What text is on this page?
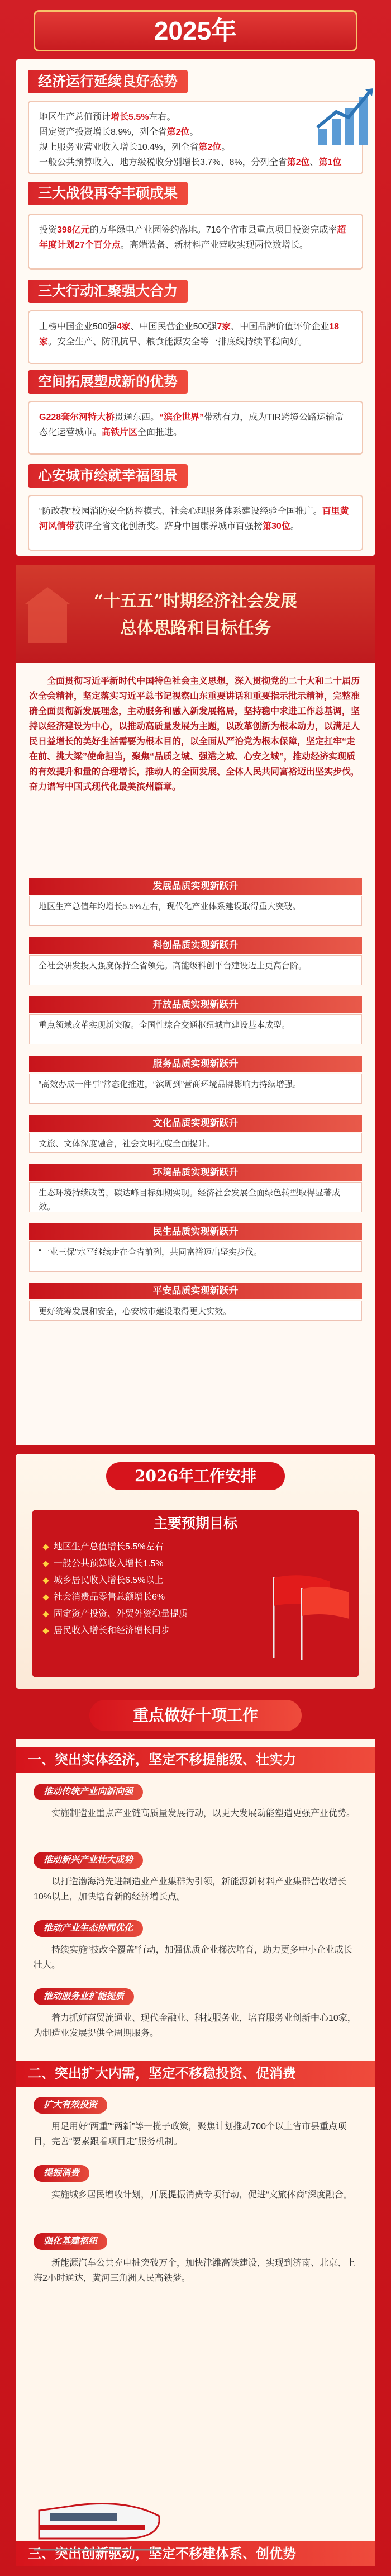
2025年
经济运行延续良好态势
地区生产总值预计增长5.5%左右。
固定资产投资增长8.9%，列全省第2位。
规上服务业营业收入增长10.4%，列全省第2位。
一般公共预算收入、地方级税收分别增长3.7%、8%，分列全省第2位、第1位
三大战役再夺丰硕成果
投资398亿元的万华绿电产业园签约落地。716个省市县重点项目投资完成率超年度计划27个百分点。高端装备、新材料产业营收实现两位数增长。
三大行动汇聚强大合力
上榜中国企业500强4家、中国民营企业500强7家、中国品牌价值评价企业18家。安全生产、防汛抗旱、粮食能源安全等一排底线持续平稳向好。
空间拓展塑成新的优势
G228套尔河特大桥贯通东西。“滨企世界”带动有力，成为TIR跨境公路运输常态化运营城市。高铁片区全面推进。
心安城市绘就幸福图景
“防改教”校园消防安全防控模式、社会心理服务体系建设经验全国推广。百里黄河风情带获评全省文化创新奖。跻身中国康养城市百强榜第30位。
“十五五”时期经济社会发展
总体思路和目标任务
全面贯彻习近平新时代中国特色社会主义思想，深入贯彻党的二十大和二十届历次全会精神，坚定落实习近平总书记视察山东重要讲话和重要指示批示精神，完整准确全面贯彻新发展理念，主动服务和融入新发展格局，坚持稳中求进工作总基调，坚持以经济建设为中心，以推动高质量发展为主题，以改革创新为根本动力，以满足人民日益增长的美好生活需要为根本目的，以全面从严治党为根本保障，坚定扛牢“走在前、挑大梁”使命担当，聚焦“品质之城、强港之城、心安之城”，推动经济实现质的有效提升和量的合理增长，推动人的全面发展、全体人民共同富裕迈出坚实步伐，奋力谱写中国式现代化最美滨州篇章。
发展品质实现新跃升
地区生产总值年均增长5.5%左右，现代化产业体系建设取得重大突破。
科创品质实现新跃升
全社会研发投入强度保持全省领先。高能级科创平台建设迈上更高台阶。
开放品质实现新跃升
重点领域改革实现新突破。全国性综合交通枢纽城市建设基本成型。
服务品质实现新跃升
“高效办成一件事”常态化推进，“滨周到”营商环境品牌影响力持续增强。
文化品质实现新跃升
文旅、文体深度融合，社会文明程度全面提升。
环境品质实现新跃升
生态环境持续改善，碳达峰目标如期实现。经济社会发展全面绿色转型取得显著成效。
民生品质实现新跃升
“一业三保”水平继续走在全省前列，共同富裕迈出坚实步伐。
平安品质实现新跃升
更好统筹发展和安全，心安城市建设取得更大实效。
2026年工作安排
主要预期目标
地区生产总值增长5.5%左右
一般公共预算收入增长1.5%
城乡居民收入增长6.5%以上
社会消费品零售总额增长6%
固定资产投资、外贸外资稳量提质
居民收入增长和经济增长同步
重点做好十项工作
一、突出实体经济，坚定不移提能级、壮实力
推动传统产业向新向强
实施制造业重点产业链高质量发展行动，以更大发展动能塑造更强产业优势。
推动新兴产业壮大成势
以打造渤海湾先进制造业产业集群为引领，新能源新材料产业集群营收增长10%以上，加快培育新的经济增长点。
推动产业生态协同优化
持续实施“技改全覆盖”行动，加强优质企业梯次培育，助力更多中小企业成长壮大。
推动服务业扩能提质
着力抓好商贸流通业、现代金融业、科技服务业，培育服务业创新中心10家，为制造业发展提供全周期服务。
二、突出扩大内需，坚定不移稳投资、促消费
扩大有效投资
用足用好“两重”“两新”等一揽子政策，聚焦计划推动700个以上省市县重点项目，完善“要素跟着项目走”服务机制。
提振消费
实施城乡居民增收计划，开展提振消费专项行动，促进“文旅体商”深度融合。
强化基建枢纽
新能源汽车公共充电桩突破万个，加快津潍高铁建设，实现到济南、北京、上海2小时通达，黄河三角洲人民高铁梦。
三、突出创新驱动，坚定不移建体系、创优势
